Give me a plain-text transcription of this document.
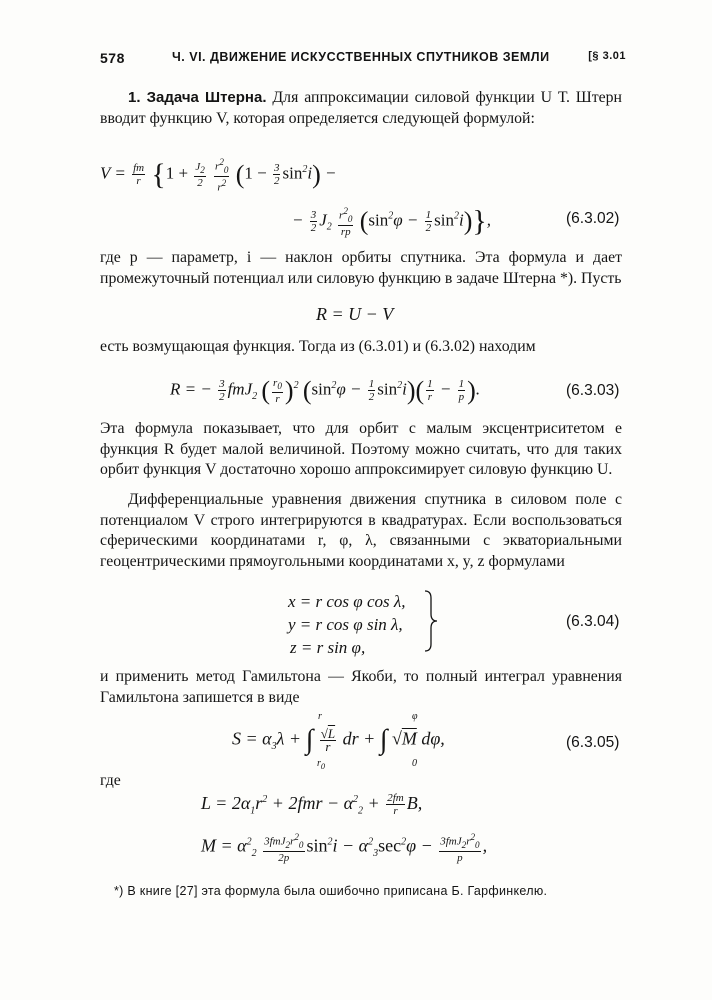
578	Ч. VI. ДВИЖЕНИЕ ИСКУССТВЕННЫХ СПУТНИКОВ ЗЕМЛИ	[§ 3.01
1. Задача Штерна. Для аппроксимации силовой функции U Т. Штерн вводит функцию V, которая определяется следующей формулой:
$V = \frac{fm}{r} \{1 + \frac{J_2}{2}$
$\frac{r^2_0}{r^2} (1 - \frac{3}{2} \sin^2i)$ −
− $\frac{3}{2} J_2 \frac{r^2_0}{rp} (\sin^2\varphi - \frac{1}{2} \sin^2i)$},	(6.3.02)
где p — параметр, i — наклон орбиты спутника. Эта формула и дает промежуточный потенциал или силовую функцию в задаче Штерна *). Пусть
R = U − V
есть возмущающая функция. Тогда из (6.3.01) и (6.3.02) находим
R = − $\frac{3}{2} fmJ_2$ ( $\frac{r_0}{r} )^2$ $(\sin^2\varphi - \frac{1}{2} \sin^2i)( \frac{1}{r} - \frac{1}{p}$ ).	(6.3.03)
Эта формула показывает, что для орбит с малым эксцентриситетом e функция R будет малой величиной. Поэтому можно считать, что для таких орбит функция V достаточно хорошо аппроксимирует силовую функцию U.
Дифференциальные уравнения движения спутника в силовом поле с потенциалом V строго интегрируются в квадратурах. Если воспользоваться сферическими координатами r, φ, λ, связанными с экваториальными геоцентрическими прямоугольными координатами x, y, z формулами
x = r cos φ cos λ,
y = r cos φ sin λ,
z = r sin φ,
(6.3.04)
и применить метод Гамильтона — Якоби, то полный интеграл уравнения Гамильтона запишется в виде
$S = \alpha_3\lambda$ + ∫ $\frac{√L}{r}$ dr + ∫ √M dφ,
r
$r_0$
φ
0
(6.3.05)
где
$L = 2\alpha_1r^2 + 2fmr - \alpha^2_2 + \frac{2fm}{r} B$,
$M = \alpha^2_2$
$3fmJ_2r^2_0$
2p
$\sin^2i - \alpha^2_3\sec^2\varphi - 3fmJ_2r^2_0$
p
,
*) В книге [27] эта формула была ошибочно приписана Б. Гарфинкелю.
